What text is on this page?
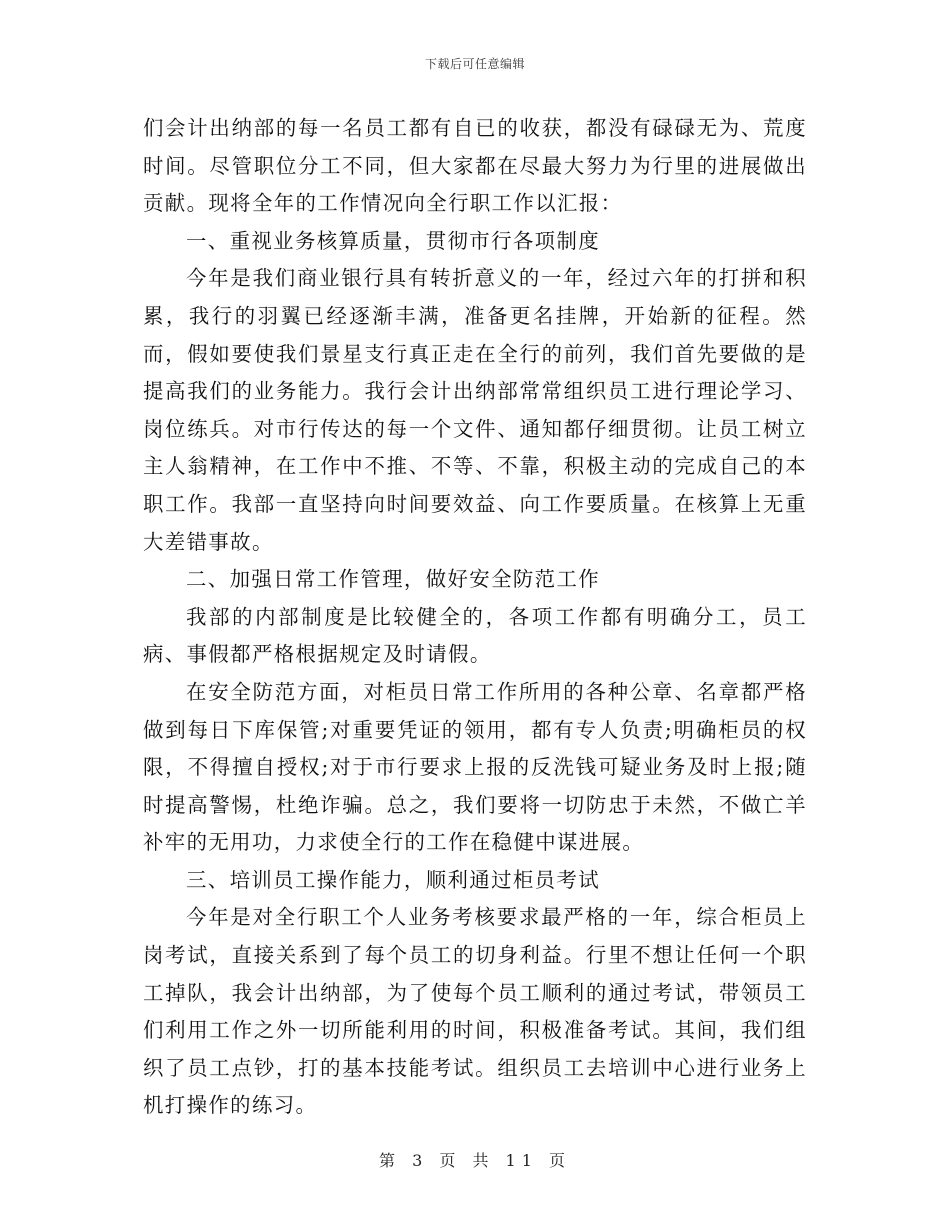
下载后可任意编辑

们会计出纳部的每一名员工都有自已的收获，都没有碌碌无为、荒度时间。尽管职位分工不同，但大家都在尽最大努力为行里的进展做出贡献。现将全年的工作情况向全行职工作以汇报：

一、重视业务核算质量，贯彻市行各项制度

今年是我们商业银行具有转折意义的一年，经过六年的打拼和积累，我行的羽翼已经逐渐丰满，准备更名挂牌，开始新的征程。然而，假如要使我们景星支行真正走在全行的前列，我们首先要做的是提高我们的业务能力。我行会计出纳部常常组织员工进行理论学习、岗位练兵。对市行传达的每一个文件、通知都仔细贯彻。让员工树立主人翁精神，在工作中不推、不等、不靠，积极主动的完成自己的本职工作。我部一直坚持向时间要效益、向工作要质量。在核算上无重大差错事故。

二、加强日常工作管理，做好安全防范工作

我部的内部制度是比较健全的，各项工作都有明确分工，员工病、事假都严格根据规定及时请假。

在安全防范方面，对柜员日常工作所用的各种公章、名章都严格做到每日下库保管;对重要凭证的领用，都有专人负责;明确柜员的权限，不得擅自授权;对于市行要求上报的反洗钱可疑业务及时上报;随时提高警惕，杜绝诈骗。总之，我们要将一切防忠于未然，不做亡羊补牢的无用功，力求使全行的工作在稳健中谋进展。

三、培训员工操作能力，顺利通过柜员考试

今年是对全行职工个人业务考核要求最严格的一年，综合柜员上岗考试，直接关系到了每个员工的切身利益。行里不想让任何一个职工掉队，我会计出纳部，为了使每个员工顺利的通过考试，带领员工们利用工作之外一切所能利用的时间，积极准备考试。其间，我们组织了员工点钞，打的基本技能考试。组织员工去培训中心进行业务上机打操作的练习。

第 3 页 共 11 页
